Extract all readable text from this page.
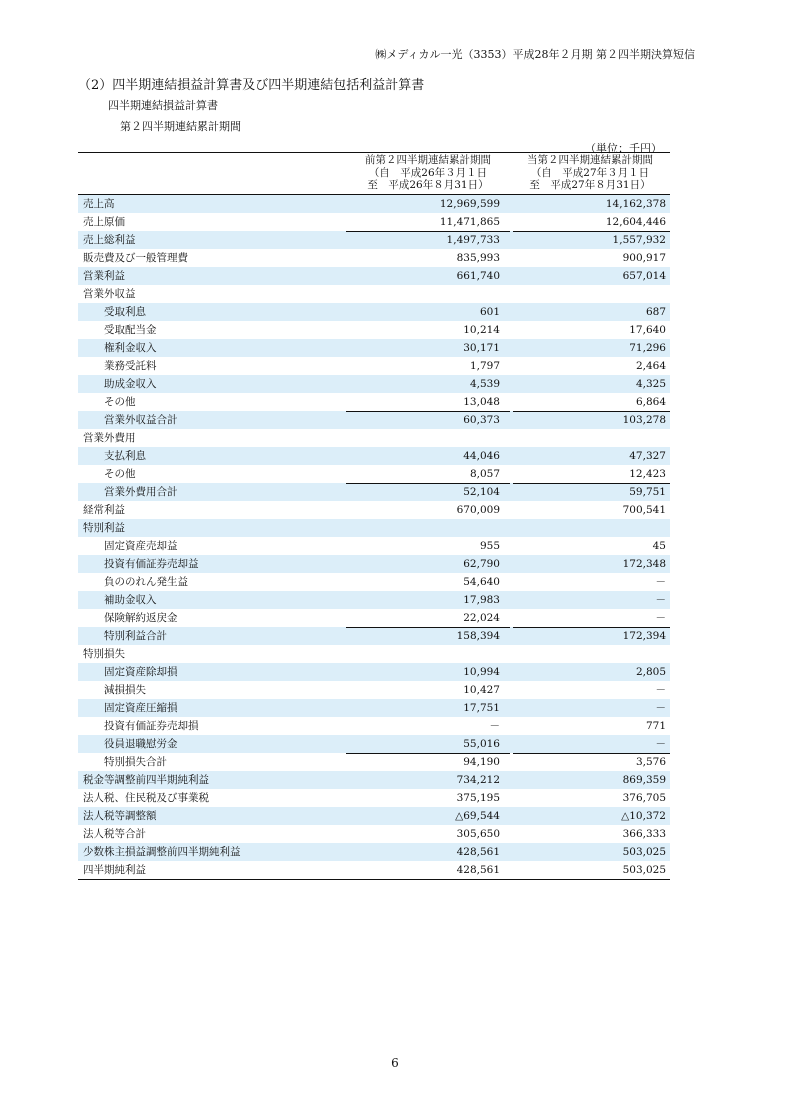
㈱メディカル一光（3353）平成28年２月期 第２四半期決算短信
（2）四半期連結損益計算書及び四半期連結包括利益計算書
四半期連結損益計算書
第２四半期連結累計期間
（単位：千円）
前第２四半期連結累計期間
（自　平成26年３月１日
至　平成26年８月31日）
当第２四半期連結累計期間
（自　平成27年３月１日
至　平成27年８月31日）
売上高	12,969,599	14,162,378
売上原価	11,471,865	12,604,446
売上総利益	1,497,733	1,557,932
販売費及び一般管理費	835,993	900,917
営業利益	661,740	657,014
営業外収益
受取利息	601	687
受取配当金	10,214	17,640
権利金収入	30,171	71,296
業務受託料	1,797	2,464
助成金収入	4,539	4,325
その他	13,048	6,864
営業外収益合計	60,373	103,278
営業外費用
支払利息	44,046	47,327
その他	8,057	12,423
営業外費用合計	52,104	59,751
経常利益	670,009	700,541
特別利益
固定資産売却益	955	45
投資有価証券売却益	62,790	172,348
負ののれん発生益	54,640	－
補助金収入	17,983	－
保険解約返戻金	22,024	－
特別利益合計	158,394	172,394
特別損失
固定資産除却損	10,994	2,805
減損損失	10,427	－
固定資産圧縮損	17,751	－
投資有価証券売却損	－	771
役員退職慰労金	55,016	－
特別損失合計	94,190	3,576
税金等調整前四半期純利益	734,212	869,359
法人税、住民税及び事業税	375,195	376,705
法人税等調整額	△69,544	△10,372
法人税等合計	305,650	366,333
少数株主損益調整前四半期純利益	428,561	503,025
四半期純利益	428,561	503,025
6
